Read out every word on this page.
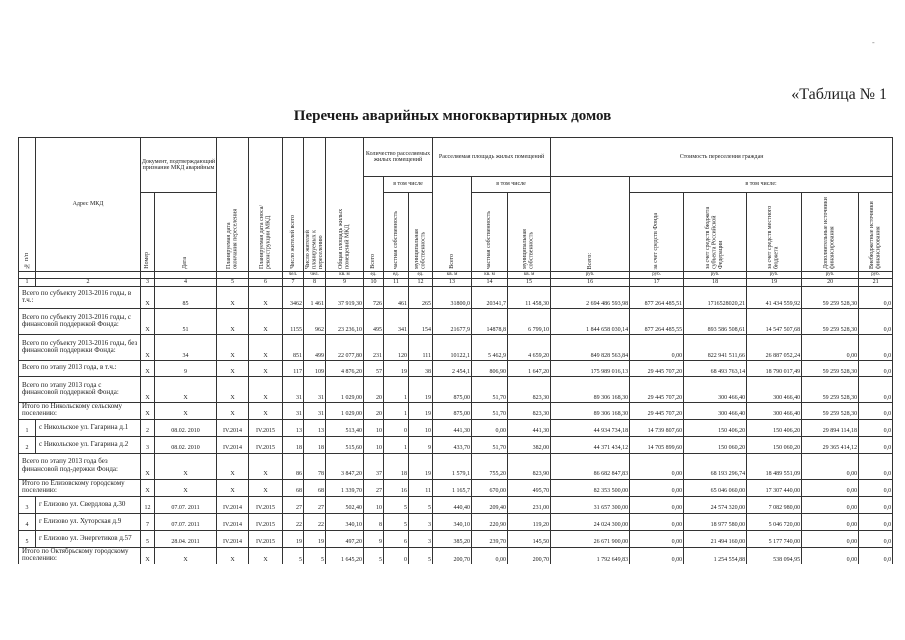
-
«Таблица № 1
Перечень аварийных многоквартирных домов
№ п/п	Адрес МКД	Документ, подтверждающий признание МКД аварийным		Планируемая дата окончания переселения	Планируемая дата сноса/ реконструкции МКД	Число жителей всего	Число жителей планируемых к переселению	Общая площадь жилых помещений МКД	Количество расселяемых жилых помещений			Расселяемая площадь жилых помещений			Стоимость переселения граждан					

									Всего	в том числе		Всего	в том числе		Всего:	в том числе:				

		Номер	Дата							частная собственность	муниципальная собственность		частная собственность	муниципальная собственность		за счет средств Фонда	за счет средств бюджета субъекта Российской Федерации	за счет средств местного бюджета	Дополнительные источники финансирования	Внебюджетные источники финансирования

						чел.	чел.	кв. м	ед.	ед.	ед.	кв. м	кв. м	кв. м	руб.	руб.	руб.	руб.	руб.	руб.
1	2	3	4	5	6	7	8	9	10	11	12	13	14	15	16	17	18	19	20	21
Всего по субъекту 2013-2016 годы, в т.ч.:		X	85	X	X	3462	1 461	37 919,30	726	461	265	31800,0	20341,7	11 458,30	2 694 486 593,98	877 264 485,51	1716528020,21	41 434 559,92	59 259 528,30	0,0
Всего по субъекту 2013-2016 годы, с финансовой поддержкой Фонда:		X	51	X	X	1155	962	23 236,10	495	341	154	21677,9	14878,8	6 799,10	1 844 658 030,14	877 264 485,55	893 586 508,61	14 547 507,68	59 259 528,30	0,0
Всего по субъекту 2013-2016 годы, без финансовой поддержки Фонда:		X	34	X	X	851	499	22 077,80	231	120	111	10122,1	5 462,9	4 659,20	849 828 563,84	0,00	822 941 511,66	26 887 052,24	0,00	0,0
Всего по этапу 2013 года, в т.ч.:		X	9	X	X	117	109	4 876,20	57	19	38	2 454,1	806,90	1 647,20	175 989 016,13	29 445 707,20	68 493 763,14	18 790 017,49	59 259 528,30	0,0
Всего по этапу 2013 года с финансовой поддержкой Фонда:		X	X	X	X	31	31	1 029,00	20	1	19	875,00	51,70	823,30	89 306 168,30	29 445 707,20	300 466,40	300 466,40	59 259 528,30	0,0
Итого по Никольскому сельскому поселению:		X	X	X	X	31	31	1 029,00	20	1	19	875,00	51,70	823,30	89 306 168,30	29 445 707,20	300 466,40	300 466,40	59 259 528,30	0,0
1	с Никольское ул. Гагарина д.1	2	08.02. 2010	IV.2014	IV.2015	13	13	513,40	10	0	10	441,30	0,00	441,30	44 934 734,18	14 739 807,60	150 406,20	150 406,20	29 894 114,18	0,0
2	с Никольское ул. Гагарина д.2	3	08.02. 2010	IV.2014	IV.2015	18	18	515,60	10	1	9	433,70	51,70	382,00	44 371 434,12	14 705 899,60	150 060,20	150 060,20	29 365 414,12	0,0
Всего по этапу 2013 года без финансовой под-держки Фонда:		X	X	X	X	86	78	3 847,20	37	18	19	1 579,1	755,20	823,90	86 682 847,83	0,00	68 193 296,74	18 489 551,09	0,00	0,0
Итого по Елизовскому городскому поселению:		X	X	X	X	68	68	1 339,70	27	16	11	1 165,7	670,00	495,70	82 353 500,00	0,00	65 046 060,00	17 307 440,00	0,00	0,0
3	г Елизово ул. Свердлова д.30	12	07.07. 2011	IV.2014	IV.2015	27	27	502,40	10	5	5	440,40	209,40	231,00	31 657 300,00	0,00	24 574 320,00	7 082 980,00	0,00	0,0
4	г Елизово ул. Хуторская д.9	7	07.07. 2011	IV.2014	IV.2015	22	22	340,10	8	5	3	340,10	220,90	119,20	24 024 300,00	0,00	18 977 580,00	5 046 720,00	0,00	0,0
5	г Елизово ул. Энергетиков д.57	5	28.04. 2011	IV.2014	IV.2015	19	19	497,20	9	6	3	385,20	239,70	145,50	26 671 900,00	0,00	21 494 160,00	5 177 740,00	0,00	0,0
Итого по Октябрьскому городскому поселению:		X	X	X	X	5	5	1 645,20	5	0	5	200,70	0,00	200,70	1 792 649,83	0,00	1 254 554,88	538 094,95	0,00	0,0
